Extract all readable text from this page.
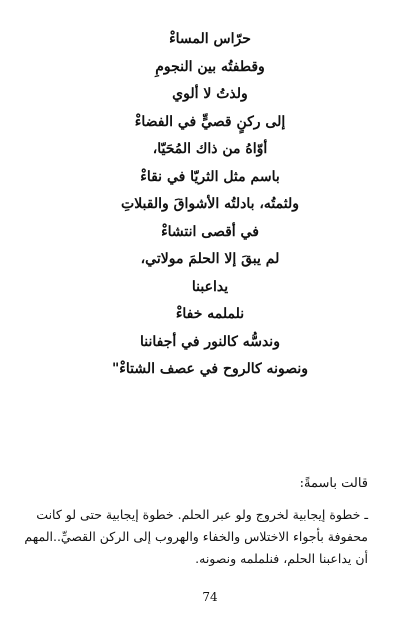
حرّاس المساءْ
وقطفتُه بين النجومِ
ولذتُ لا ألوي
إلى ركنٍ قصيٍّ في الفضاءْ
أوّاهُ من ذاك المُحَيّا،
باسم مثل الثريّا في نقاءْ
ولثمتُه، بادلتُه الأشواقَ والقبلاتِ
في أقصى انتشاءْ
لم يبقَ إلا الحلمَ مولاتي،
يداعبنا
نلملمه خفاءْ
وندسُّه كالنور في أجفاننا
ونصونه كالروح في عصف الشتاءْ"
قالت باسمةً:

ـ خطوة إيجابية لخروج ولو عبر الحلم. خطوة إيجابية حتى لو كانت
محفوفة بأجواء الاختلاس والخفاء والهروب إلى الركن القصيِّ..المهم
أن يداعبنا الحلم، فنلملمه ونصونه.

74
